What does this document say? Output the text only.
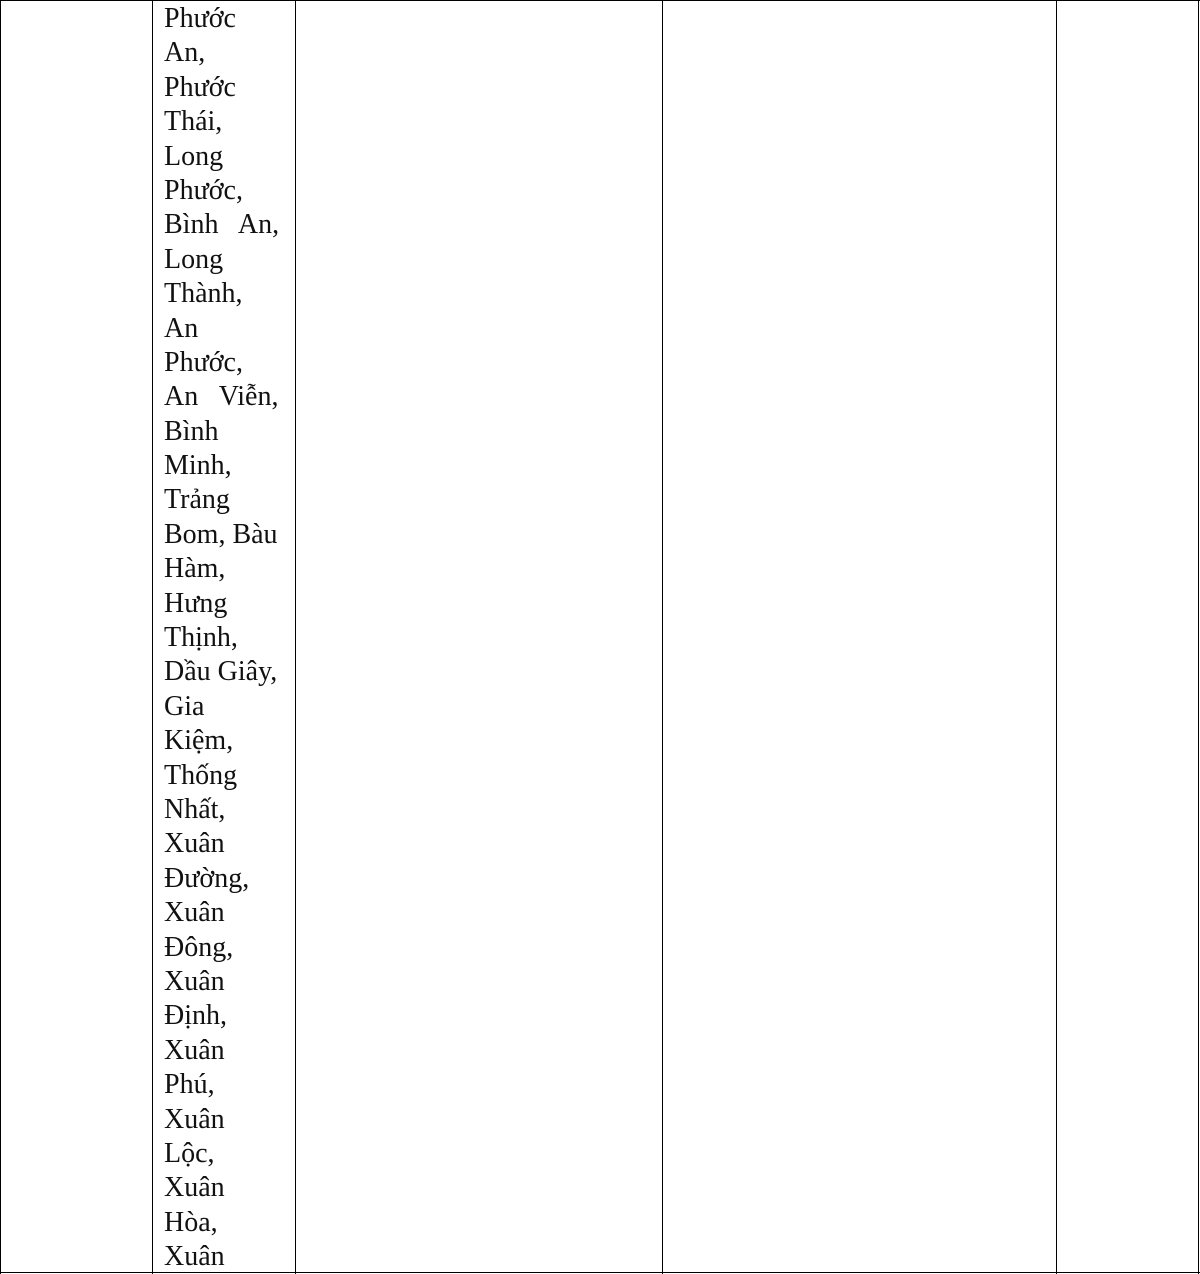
Phước
An,
Phước
Thái,
Long
Phước,
Bình   An,
Long
Thành,
An
Phước,
An   Viễn,
Bình
Minh,
Trảng
Bom, Bàu
Hàm,
Hưng
Thịnh,
Dầu Giây,
Gia
Kiệm,
Thống
Nhất,
Xuân
Đường,
Xuân
Đông,
Xuân
Định,
Xuân
Phú,
Xuân
Lộc,
Xuân
Hòa,
Xuân
